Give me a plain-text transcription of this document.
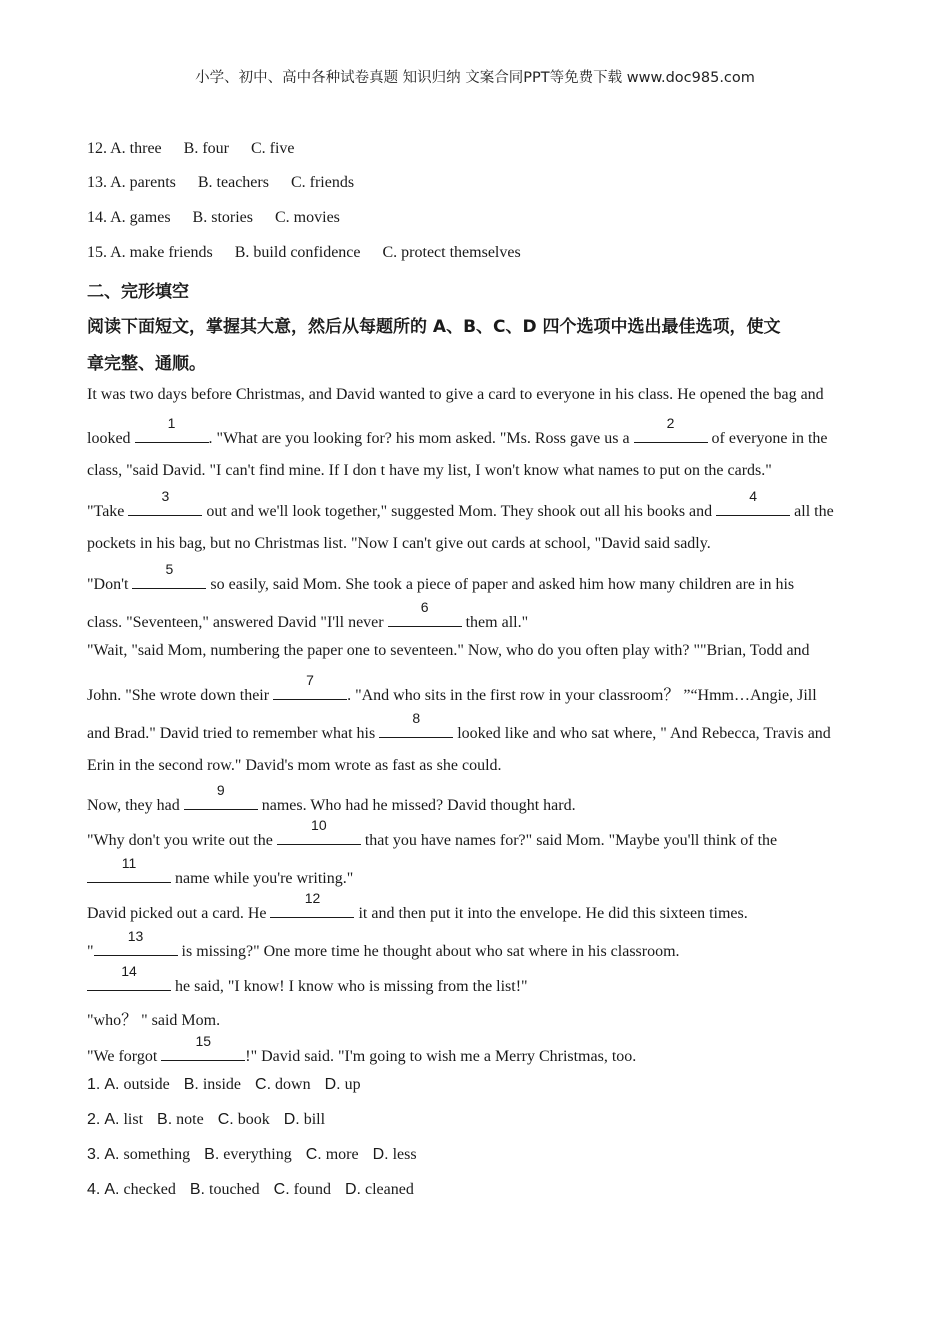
小学、初中、高中各种试卷真题 知识归纳 文案合同PPT等免费下载 www.doc985.com
12. A. three B. four C. five
13. A. parents B. teachers C. friends
14. A. games B. stories C. movies
15. A. make friends B. build confidence C. protect themselves
二、完形填空
阅读下面短文，掌握其大意，然后从每题所的 A、B、C、D 四个选项中选出最佳选项，使文
章完整、通顺。
It was two days before Christmas, and David wanted to give a card to everyone in his class. He opened the bag and
looked
1
. "What are you looking for? his mom asked. "Ms. Ross gave us a
2
of everyone in the
class, "said David. "I can't find mine. If I don t have my list, I won't know what names to put on the cards."
"Take
3
out and we'll look together," suggested Mom. They shook out all his books and
4
all the
pockets in his bag, but no Christmas list. "Now I can't give out cards at school, "David said sadly.
"Don't
5
so easily, said Mom. She took a piece of paper and asked him how many children are in his
class. "Seventeen," answered David "I'll never
6
them all."
"Wait, "said Mom, numbering the paper one to seventeen." Now, who do you often play with? ""Brian, Todd and
John. "She wrote down their
7
. "And who sits in the first row in your classroom？ ”“Hmm…Angie, Jill
and Brad." David tried to remember what his
8
looked like and who sat where, " And Rebecca, Travis and
Erin in the second row." David's mom wrote as fast as she could.
Now, they had
9
names. Who had he missed? David thought hard.
"Why don't you write out the
10
that you have names for?" said Mom. "Maybe you'll think of the
11
name while you're writing."
David picked out a card. He
12
it and then put it into the envelope. He did this sixteen times.
"
13
is missing?" One more time he thought about who sat where in his classroom.
14
he said, "I know! I know who is missing from the list!"
"who？ " said Mom.
"We forgot
15
!" David said. "I'm going to wish me a Merry Christmas, too.
1. A. outside B. inside C. down D. up
2. A. list B. note C. book D. bill
3. A. something B. everything C. more D. less
4. A. checked B. touched C. found D. cleaned
